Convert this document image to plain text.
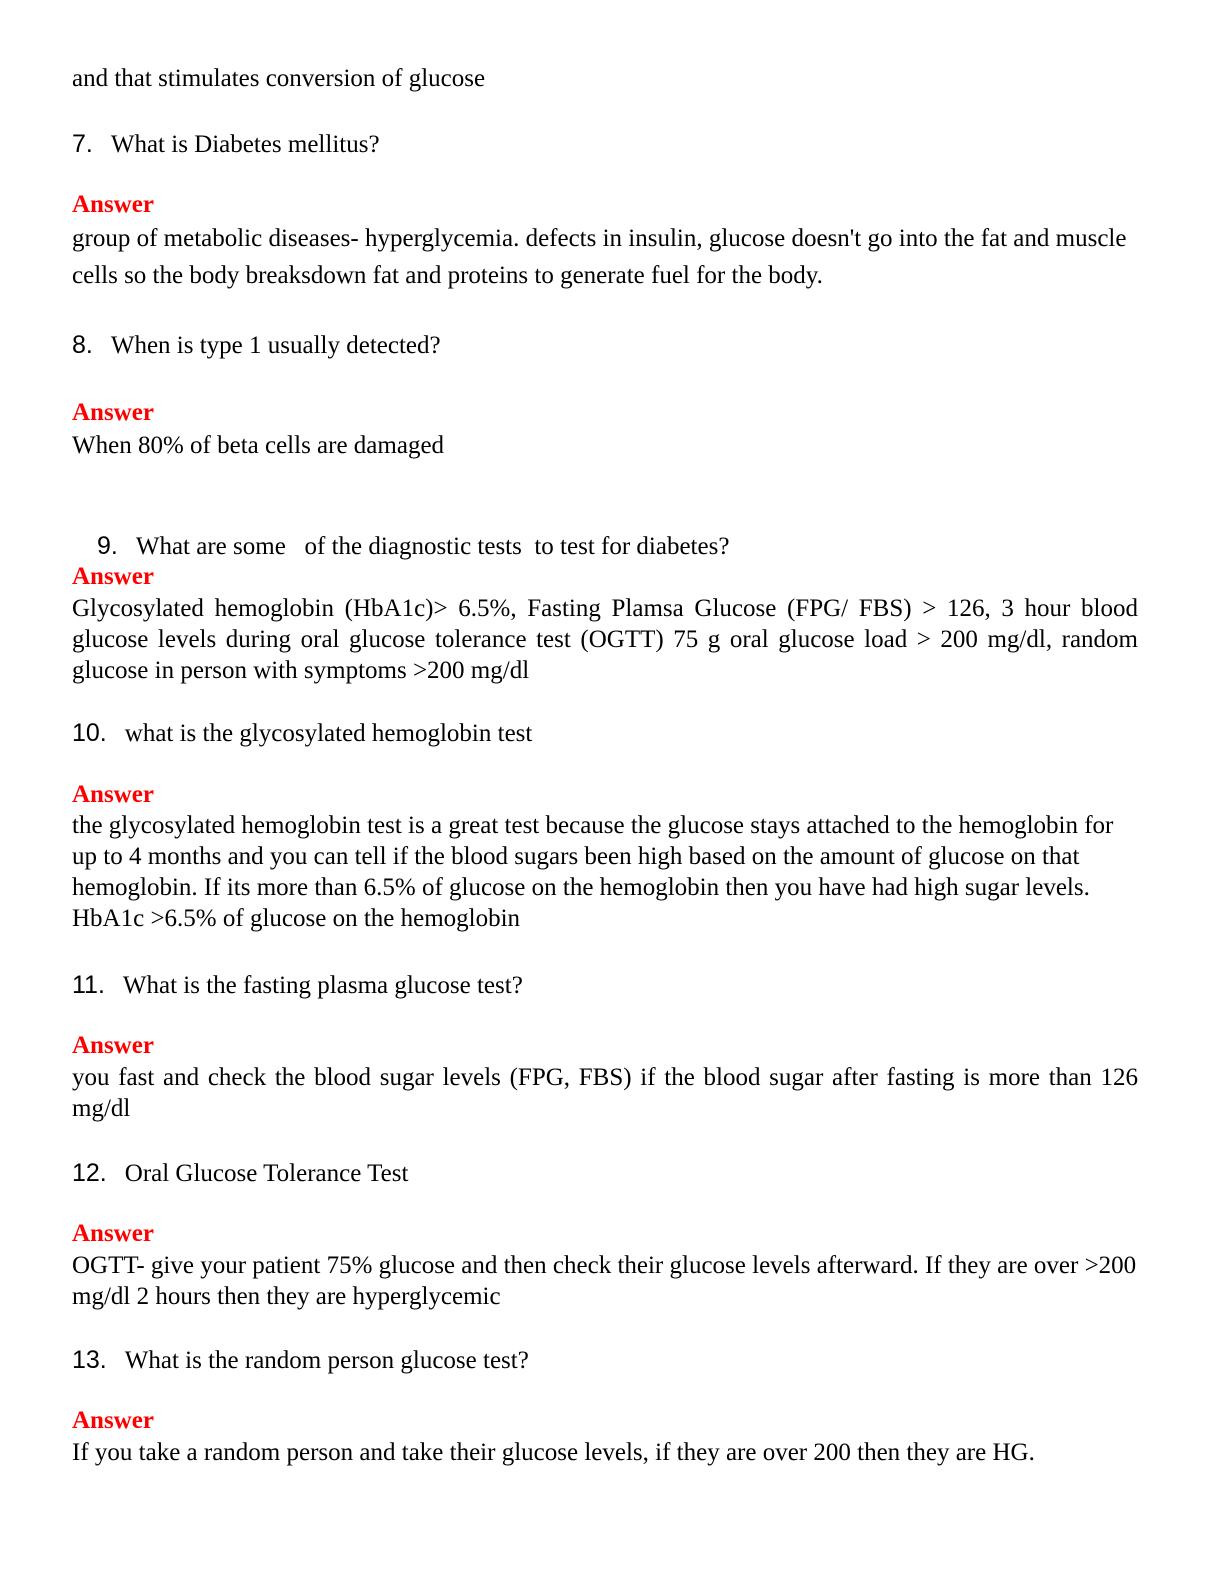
and that stimulates conversion of glucose
7. What is Diabetes mellitus?
Answer
group of metabolic diseases- hyperglycemia. defects in insulin, glucose doesn't go into the fat and muscle cells so the body breaksdown fat and proteins to generate fuel for the body.
8. When is type 1 usually detected?
Answer
When 80% of beta cells are damaged

9. What are some   of the diagnostic tests  to test for diabetes?

Answer
Glycosylated hemoglobin (HbA1c)> 6.5%, Fasting Plamsa Glucose (FPG/ FBS) > 126, 3 hour blood glucose levels during oral glucose tolerance test (OGTT) 75 g oral glucose load > 200 mg/dl, random glucose in person with symptoms >200 mg/dl
10. what is the glycosylated hemoglobin test
Answer
the glycosylated hemoglobin test is a great test because the glucose stays attached to the hemoglobin for up to 4 months and you can tell if the blood sugars been high based on the amount of glucose on that hemoglobin. If its more than 6.5% of glucose on the hemoglobin then you have had high sugar levels. HbA1c >6.5% of glucose on the hemoglobin
11. What is the fasting plasma glucose test?
Answer
you fast and check the blood sugar levels (FPG, FBS) if the blood sugar after fasting is more than 126 mg/dl
12. Oral Glucose Tolerance Test
Answer
OGTT- give your patient 75% glucose and then check their glucose levels afterward. If they are over >200 mg/dl 2 hours then they are hyperglycemic
13. What is the random person glucose test?
Answer
If you take a random person and take their glucose levels, if they are over 200 then they are HG.
